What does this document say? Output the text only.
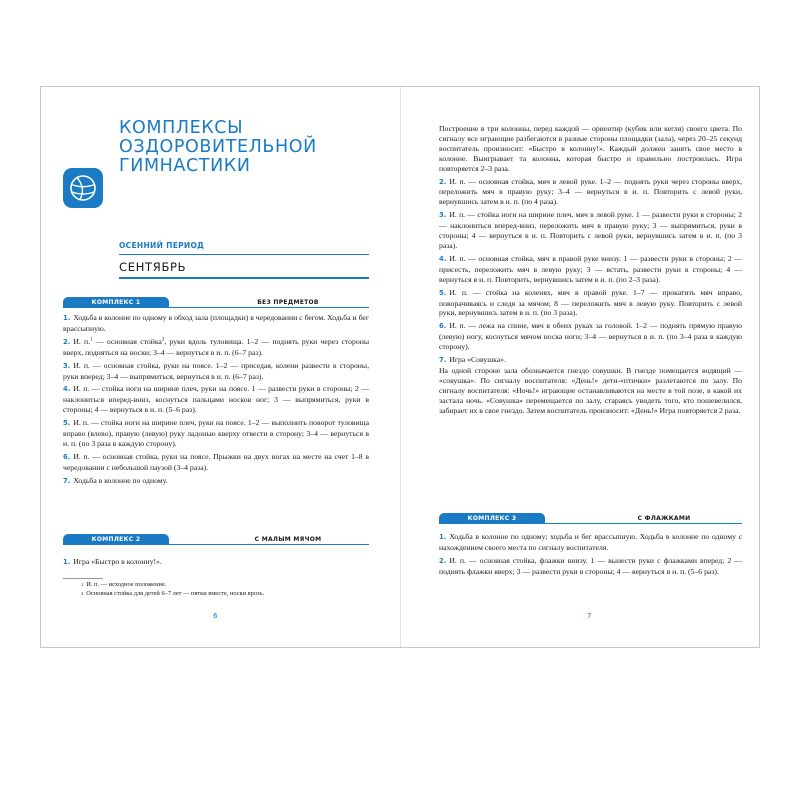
КОМПЛЕКСЫ
ОЗДОРОВИТЕЛЬНОЙ
ГИМНАСТИКИ
ОСЕННИЙ ПЕРИОД
СЕНТЯБРЬ
КОМПЛЕКС 1	БЕЗ ПРЕДМЕТОВ

1. Ходьба в колонне по одному в обход зала (площадки) в чередовании с бегом. Ходьба и бег врассыпную.

2. И. п.$^1$ — основная стойка$^2$, руки вдоль туловища. 1–2 — поднять руки через стороны вверх, подняться на носки; 3–4 — вернуться в и. п. (6–7 раз).

3. И. п. — основная стойка, руки на поясе. 1–2 — приседая, колени развести в стороны, руки вперед; 3–4 — выпрямиться, вернуться в и. п. (6–7 раз).

4. И. п. — стойка ноги на ширине плеч, руки на поясе. 1 — развести руки в стороны; 2 — наклониться вперед-вниз, коснуться пальцами носков ног; 3 — выпрямиться, руки в стороны; 4 — вернуться в и. п. (5–6 раз).

5. И. п. — стойка ноги на ширине плеч, руки на поясе. 1–2 — выполнить поворот туловища вправо (влево), правую (левую) руку ладонью кверху отвести в сторону; 3–4 — вернуться в и. п. (по 3 раза в каждую сторону).

6. И. п. — основная стойка, руки на поясе. Прыжки на двух ногах на месте на счет 1–8 в чередовании с небольшой паузой (3–4 раза).

7. Ходьба в колонне по одному.

КОМПЛЕКС 2	С МАЛЫМ МЯЧОМ

1. Игра «Быстро в колонну!».

$^1$ И. п. — исходное положение.
$^2$ Основная стойка для детей 6–7 лет — пятки вместе, носки врозь.
6

Построение в три колонны, перед каждой — ориентир (кубик или кегля) своего цвета. По сигналу все играющие разбегаются в разные стороны площадки (зала), через 20–25 секунд воспитатель произносит: «Быстро в колонну!». Каждый должен занять свое место в колонне. Выигрывает та колонна, которая быстро и правильно построилась. Игра повторяется 2–3 раза.

2. И. п. — основная стойка, мяч в левой руке. 1–2 — поднять руки через стороны вверх, переложить мяч в правую руку; 3–4 — вернуться в и. п. Повторить с левой руки, вернувшись затем в и. п. (по 4 раза).

3. И. п. — стойка ноги на ширине плеч, мяч в левой руке. 1 — развести руки в стороны; 2 — наклониться вперед-вниз, переложить мяч в правую руку; 3 — выпрямиться, руки в стороны; 4 — вернуться в и. п. Повторить с левой руки, вернувшись затем в и. п. (по 3 раза).

4. И. п. — основная стойка, мяч в правой руке внизу. 1 — развести руки в стороны; 2 — присесть, переложить мяч в левую руку; 3 — встать, развести руки в стороны; 4 — вернуться в и. п. Повторить, вернувшись затем в и. п. (по 2–3 раза).

5. И. п. — стойка на коленях, мяч в правой руке. 1–7 — прокатить мяч вправо, поворачиваясь и следя за мячом; 8 — переложить мяч в левую руку. Повторить с левой руки, вернувшись затем в и. п. (по 3 раза).

6. И. п. — лежа на спине, мяч в обеих руках за головой. 1–2 — поднять прямую правую (левую) ногу, коснуться мячом носка ноги; 3–4 — вернуться в и. п. (по 3–4 раза в каждую сторону).

7. Игра «Совушка».

На одной стороне зала обозначается гнездо совушки. В гнезде помещается водящий — «совушка». По сигналу воспитателя: «День!» дети-«птички» разлетаются по залу. По сигналу воспитателя: «Ночь!» играющие останавливаются на месте в той позе, в какой их застала ночь. «Совушка» перемещается по залу, стараясь увидеть того, кто пошевелился, забирает их в свое гнездо. Затем воспитатель произносит: «День!» Игра повторяется 2 раза.

КОМПЛЕКС 3	С ФЛАЖКАМИ

1. Ходьба в колонне по одному; ходьба и бег врассыпную. Ходьба в колонне по одному с нахождением своего места по сигналу воспитателя.

2. И. п. — основная стойка, флажки внизу. 1 — вынести руки с флажками вперед; 2 — поднять флажки вверх; 3 — развести руки в стороны; 4 — вернуться в и. п. (5–6 раз).

7
